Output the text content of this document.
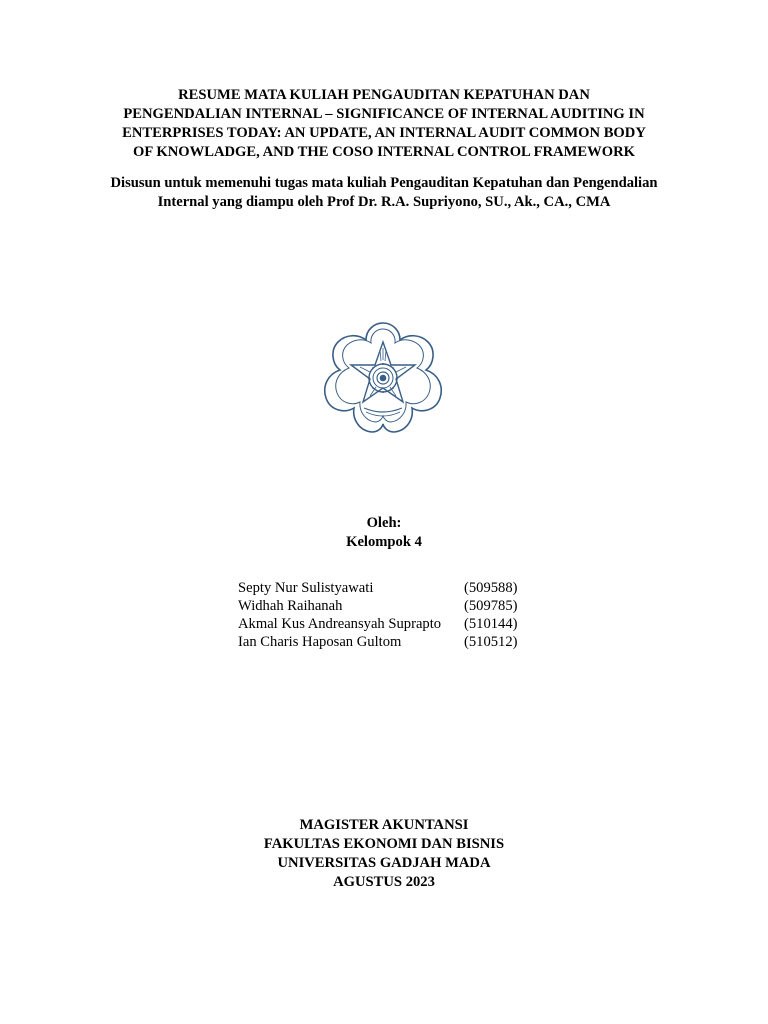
RESUME MATA KULIAH PENGAUDITAN KEPATUHAN DAN
PENGENDALIAN INTERNAL – SIGNIFICANCE OF INTERNAL AUDITING IN
ENTERPRISES TODAY: AN UPDATE, AN INTERNAL AUDIT COMMON BODY
OF KNOWLADGE, AND THE COSO INTERNAL CONTROL FRAMEWORK
Disusun untuk memenuhi tugas mata kuliah Pengauditan Kepatuhan dan Pengendalian
Internal yang diampu oleh Prof Dr. R.A. Supriyono, SU., Ak., CA., CMA
Oleh:
Kelompok 4
Septy Nur Sulistyawati	(509588)
Widhah Raihanah	(509785)
Akmal Kus Andreansyah Suprapto (510144)
Ian Charis Haposan Gultom	(510512)
MAGISTER AKUNTANSI
FAKULTAS EKONOMI DAN BISNIS
UNIVERSITAS GADJAH MADA
AGUSTUS 2023
